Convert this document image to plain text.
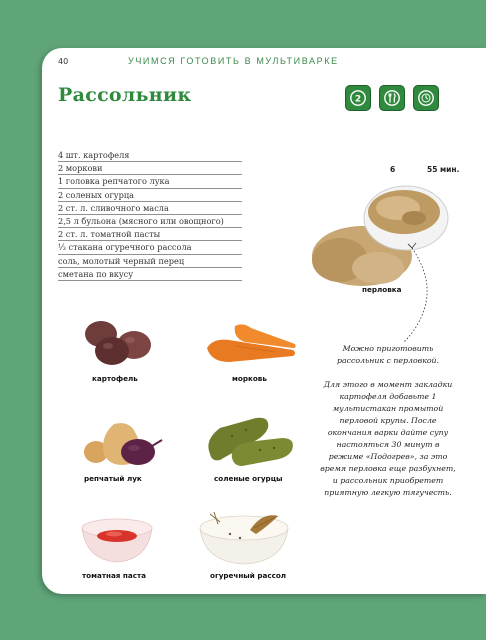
40	УЧИМСЯ ГОТОВИТЬ В МУЛЬТИВАРКЕ
Рассольник	2
6	55 мин.
4 шт. картофеля
2 моркови
1 головка репчатого лука
2 соленых огурца
2 ст. л. сливочного масла
2,5 л бульона (мясного или овощного)
2 ст. л. томатной пасты
⅓ стакана огуречного рассола
соль, молотый черный перец
сметана по вкусу
перловка
картофель	морковь
репчатый лук	соленые огурцы
томатная паста	огуречный рассол

Можно приготовить рассольник с перловкой.

Для этого в момент закладки картофеля добавьте 1 мультистакан промытой перловой крупы. После окончания варки дайте супу настояться 30 минут в режиме «Подогрев», за это время перловка еще разбухнет, и рассольник приобретет приятную легкую тягучесть.
